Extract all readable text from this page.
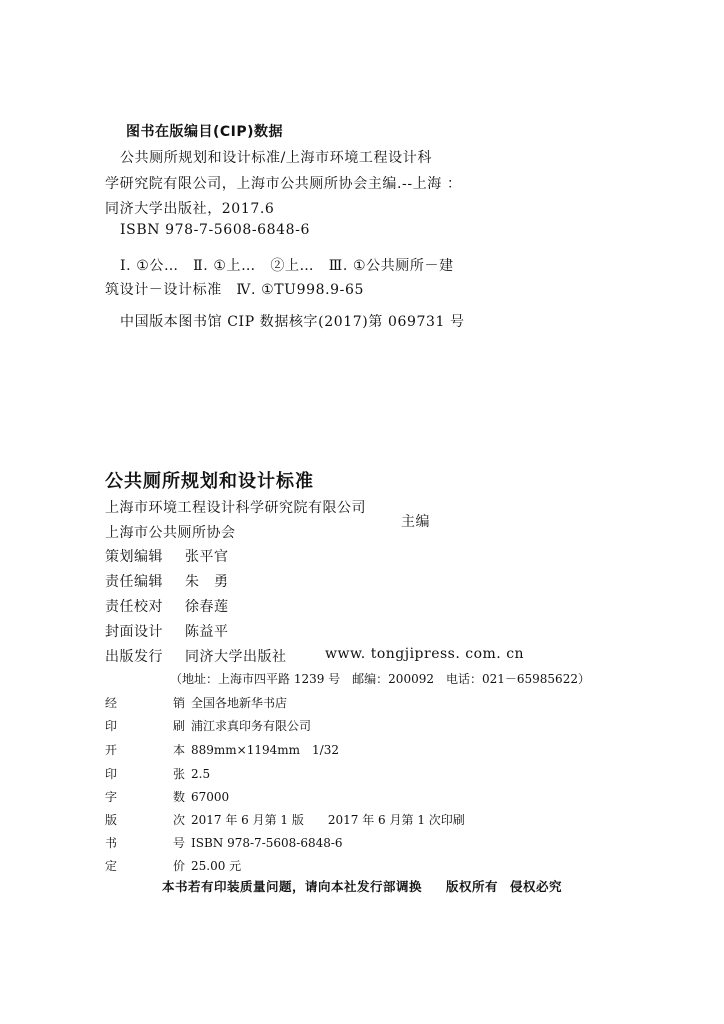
图书在版编目(CIP)数据
公共厕所规划和设计标准/上海市环境工程设计科
学研究院有限公司，上海市公共厕所协会主编.--上海 ：
同济大学出版社，2017.6
ISBN 978-7-5608-6848-6
Ⅰ. ①公…　Ⅱ. ①上…　②上…　Ⅲ. ①公共厕所－建
筑设计－设计标准　Ⅳ. ①TU998.9-65
中国版本图书馆 CIP 数据核字(2017)第 069731 号
公共厕所规划和设计标准
上海市环境工程设计科学研究院有限公司
上海市公共厕所协会
主编
策划编辑 张平官
责任编辑 朱　勇
责任校对 徐春莲
封面设计 陈益平
出版发行 同济大学出版社	www. tongjipress. com. cn
（地址：上海市四平路 1239 号　邮编：200092　电话：021－65985622）
经	销 全国各地新华书店
印	刷 浦江求真印务有限公司
开	本 889mm×1194mm　1/32
印	张 2.5
字	数 67000
版	次 2017 年 6 月第 1 版　　2017 年 6 月第 1 次印刷
书	号 ISBN 978-7-5608-6848-6
定	价 25.00 元
本书若有印装质量问题，请向本社发行部调换 版权所有 侵权必究
